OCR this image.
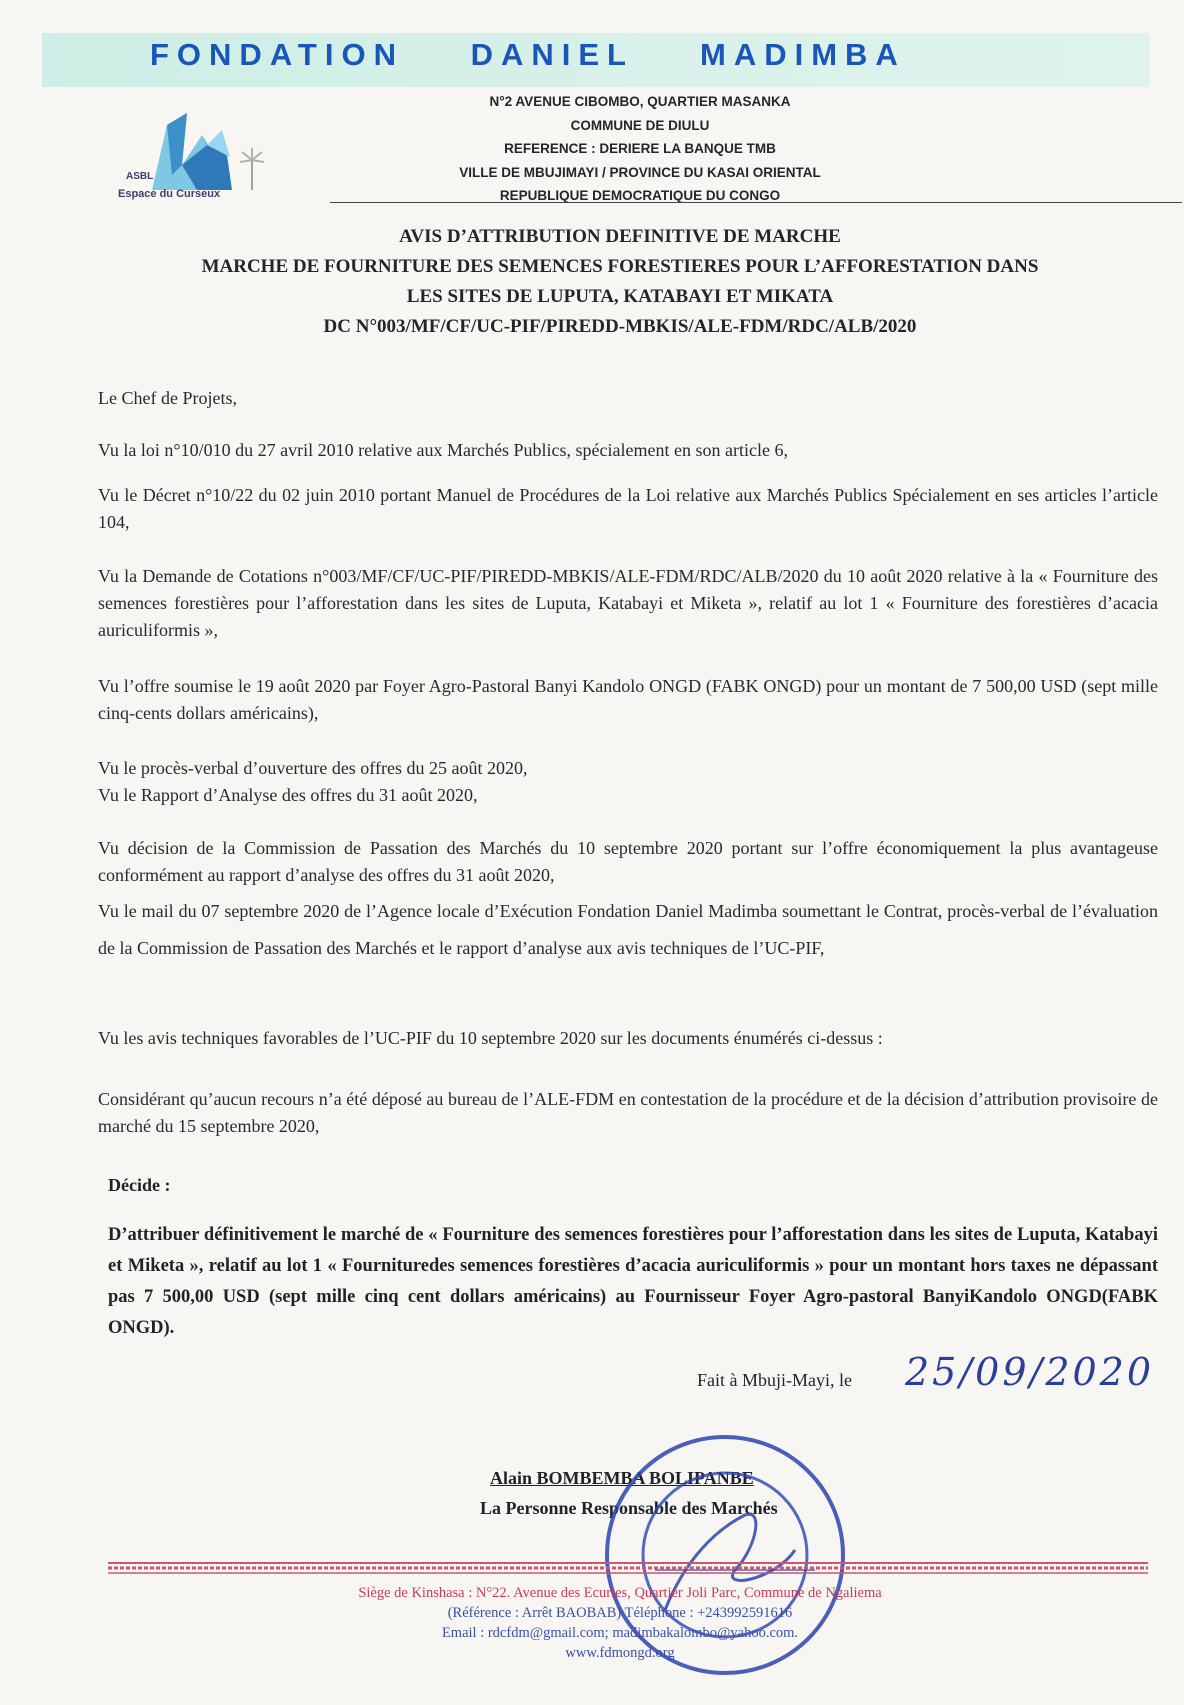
FONDATION DANIEL MADIMBA
ASBL
Espace du Curseux
N°2 AVENUE CIBOMBO, QUARTIER MASANKA
COMMUNE DE DIULU
REFERENCE : DERIERE LA BANQUE TMB
VILLE DE MBUJIMAYI / PROVINCE DU KASAI ORIENTAL
REPUBLIQUE DEMOCRATIQUE DU CONGO
AVIS D’ATTRIBUTION DEFINITIVE DE MARCHE
MARCHE DE FOURNITURE DES SEMENCES FORESTIERES POUR L’AFFORESTATION DANS
LES SITES DE LUPUTA, KATABAYI ET MIKATA
DC N°003/MF/CF/UC-PIF/PIREDD-MBKIS/ALE-FDM/RDC/ALB/2020

Le Chef de Projets,

Vu la loi n°10/010 du 27 avril 2010 relative aux Marchés Publics, spécialement en son article 6,

Vu le Décret n°10/22 du 02 juin 2010 portant Manuel de Procédures de la Loi relative aux Marchés Publics Spécialement en ses articles l’article 104,

Vu la Demande de Cotations n°003/MF/CF/UC-PIF/PIREDD-MBKIS/ALE-FDM/RDC/ALB/2020 du 10 août 2020 relative à la « Fourniture des semences forestières pour l’afforestation dans les sites de Luputa, Katabayi et Miketa », relatif au lot 1 « Fourniture des forestières d’acacia auriculiformis »,

Vu l’offre soumise le 19 août 2020 par Foyer Agro-Pastoral Banyi Kandolo ONGD (FABK ONGD) pour un montant de 7 500,00 USD (sept mille cinq-cents dollars américains),

Vu le procès-verbal d’ouverture des offres du 25 août 2020,

Vu le Rapport d’Analyse des offres du 31 août 2020,

Vu décision de la Commission de Passation des Marchés du 10 septembre 2020 portant sur l’offre économiquement la plus avantageuse conformément au rapport d’analyse des offres du 31 août 2020,

Vu le mail du 07 septembre 2020 de l’Agence locale d’Exécution Fondation Daniel Madimba soumettant le Contrat, procès-verbal de l’évaluation de la Commission de Passation des Marchés et le rapport d’analyse aux avis techniques de l’UC-PIF,

Vu les avis techniques favorables de l’UC-PIF du 10 septembre 2020 sur les documents énumérés ci-dessus :

Considérant qu’aucun recours n’a été déposé au bureau de l’ALE-FDM en contestation de la procédure et de la décision d’attribution provisoire de marché du 15 septembre 2020,

Décide :
D’attribuer définitivement le marché de « Fourniture des semences forestières pour l’afforestation dans les sites de Luputa, Katabayi et Miketa », relatif au lot 1 « Fournituredes semences forestières d’acacia auriculiformis » pour un montant hors taxes ne dépassant pas 7 500,00 USD (sept mille cinq cent dollars américains) au Fournisseur Foyer Agro-pastoral BanyiKandolo ONGD(FABK ONGD).
Fait à Mbuji-Mayi, le 25/09/2020
Alain BOMBEMBA BOLIPANBE
La Personne Responsable des Marchés
Siège de Kinshasa : N°22. Avenue des Ecuries, Quartier Joli Parc, Commune de Ngaliema
(Référence : Arrêt BAOBAB) Téléphone : +243992591616
Email : rdcfdm@gmail.com; madimbakalombo@yahoo.com.
www.fdmongd.org
